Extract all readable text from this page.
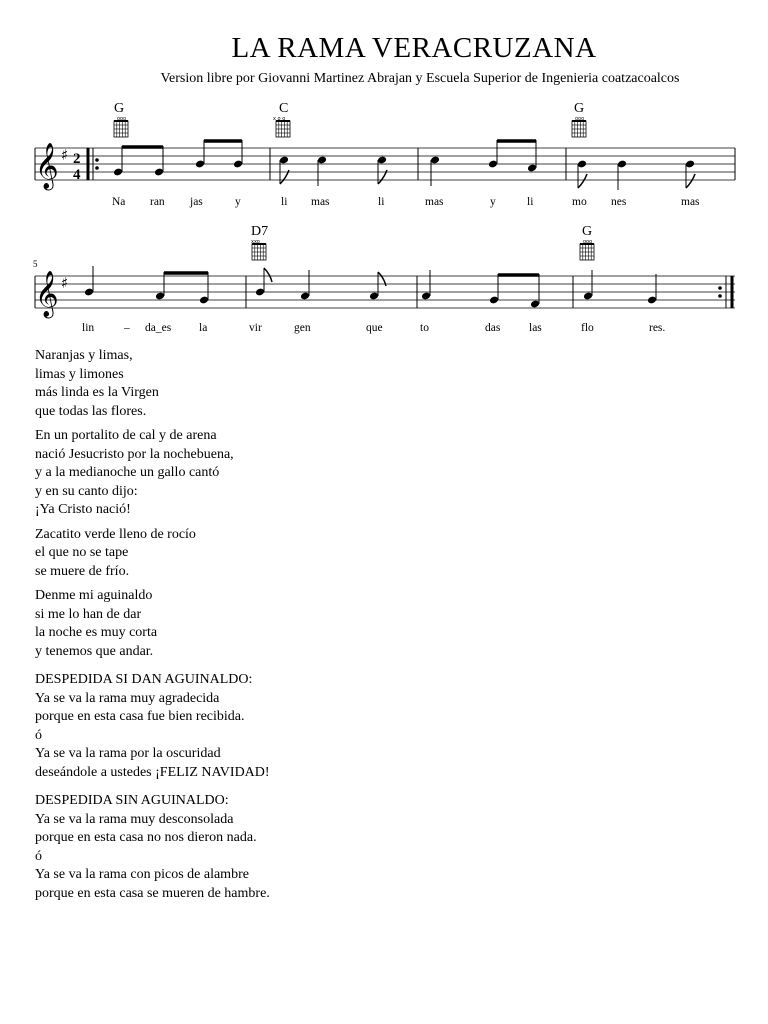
LA RAMA VERACRUZANA
Version libre por Giovanni Martinez Abrajan y Escuela Superior de Ingenieria coatzacoalcos
𝄞 ♯ 2
4
ooo	x o o	ooo
𝄞 ♯
xxo	ooo
G	C	G
D7	G
5
Na ran jas	y	li mas	li	mas	y	li	mo nes	mas
lin	– da_es la	vir	gen	que	to	das las	flo	res.
Naranjas y limas,
limas y limones
más linda es la Virgen
que todas las flores.
En un portalito de cal y de arena
nació Jesucristo por la nochebuena,
y a la medianoche un gallo cantó
y en su canto dijo:
¡Ya Cristo nació!
Zacatito verde lleno de rocío
el que no se tape
se muere de frío.
Denme mi aguinaldo
si me lo han de dar
la noche es muy corta
y tenemos que andar.
DESPEDIDA SI DAN AGUINALDO:
Ya se va la rama muy agradecida
porque en esta casa fue bien recibida.
ó
Ya se va la rama por la oscuridad
deseándole a ustedes ¡FELIZ NAVIDAD!
DESPEDIDA SIN AGUINALDO:
Ya se va la rama muy desconsolada
porque en esta casa no nos dieron nada.
ó
Ya se va la rama con picos de alambre
porque en esta casa se mueren de hambre.
